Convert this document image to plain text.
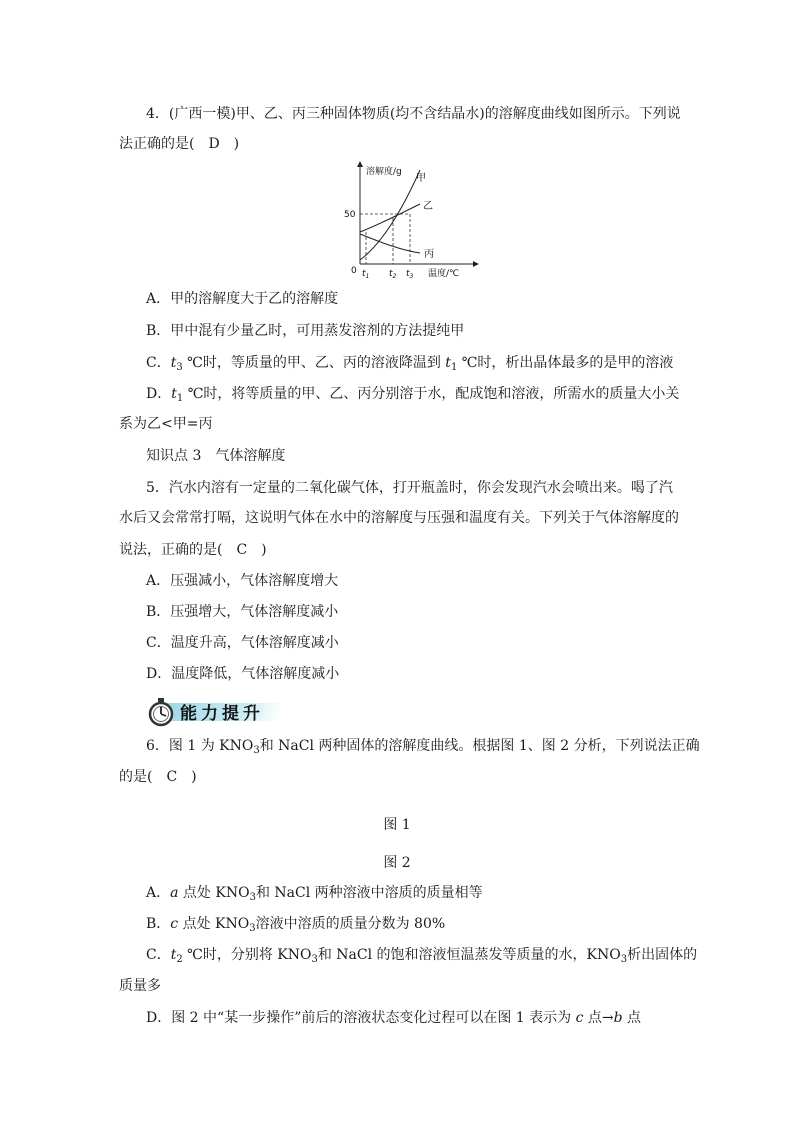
4．(广西一模)甲、乙、丙三种固体物质(均不含结晶水)的溶解度曲线如图所示。下列说
法正确的是(　D　)
溶解度/g
温度/℃
0
50
$t_1$ $t_2$ $t_3$
甲
乙
丙
A．甲的溶解度大于乙的溶解度
B．甲中混有少量乙时，可用蒸发溶剂的方法提纯甲
C．$t_3$ ℃时，等质量的甲、乙、丙的溶液降温到 $t_1$ ℃时，析出晶体最多的是甲的溶液
D．$t_1$ ℃时，将等质量的甲、乙、丙分别溶于水，配成饱和溶液，所需水的质量大小关
系为乙<甲=丙
知识点 3　气体溶解度
5．汽水内溶有一定量的二氧化碳气体，打开瓶盖时，你会发现汽水会喷出来。喝了汽
水后又会常常打嗝，这说明气体在水中的溶解度与压强和温度有关。下列关于气体溶解度的
说法，正确的是(　C　)
A．压强减小，气体溶解度增大
B．压强增大，气体溶解度减小
C．温度升高，气体溶解度减小
D．温度降低，气体溶解度减小
能力提升
6．图 1 为 $KNO_3$和 NaCl 两种固体的溶解度曲线。根据图 1、图 2 分析，下列说法正确
的是(　C　)
图 1
图 2
A．a 点处 $KNO_3$和 NaCl 两种溶液中溶质的质量相等
B．c 点处 $KNO_3$溶液中溶质的质量分数为 80%
C．$t_2$ ℃时，分别将 $KNO_3$和 NaCl 的饱和溶液恒温蒸发等质量的水，$KNO_3$析出固体的
质量多
D．图 2 中“某一步操作”前后的溶液状态变化过程可以在图 1 表示为 c 点→b 点
